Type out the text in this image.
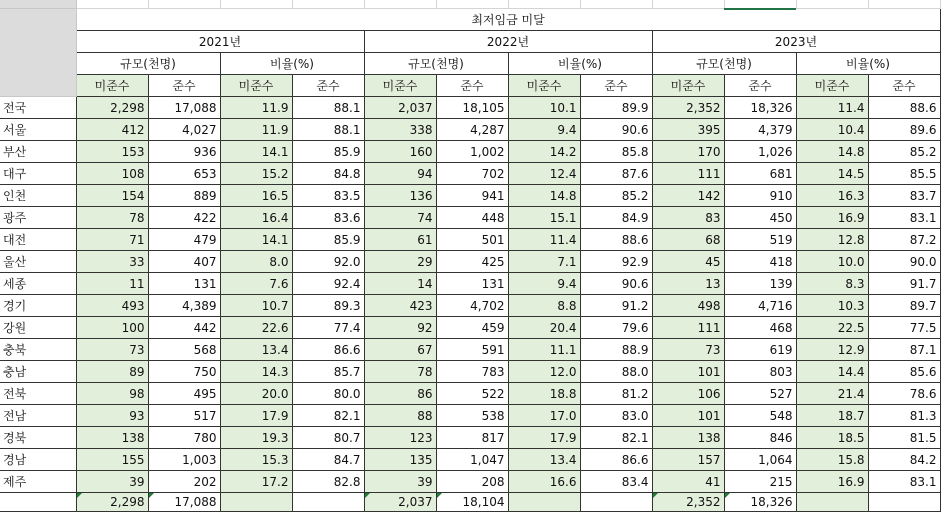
	최저임금 미달											
	2021년				2022년				2023년			
	규모(천명)		비율(%)		규모(천명)		비율(%)		규모(천명)		비율(%)	
	미준수	준수	미준수	준수	미준수	준수	미준수	준수	미준수	준수	미준수	준수
전국	2,298	17,088	11.9	88.1	2,037	18,105	10.1	89.9	2,352	18,326	11.4	88.6
서울	412	4,027	11.9	88.1	338	4,287	9.4	90.6	395	4,379	10.4	89.6
부산	153	936	14.1	85.9	160	1,002	14.2	85.8	170	1,026	14.8	85.2
대구	108	653	15.2	84.8	94	702	12.4	87.6	111	681	14.5	85.5
인천	154	889	16.5	83.5	136	941	14.8	85.2	142	910	16.3	83.7
광주	78	422	16.4	83.6	74	448	15.1	84.9	83	450	16.9	83.1
대전	71	479	14.1	85.9	61	501	11.4	88.6	68	519	12.8	87.2
울산	33	407	8.0	92.0	29	425	7.1	92.9	45	418	10.0	90.0
세종	11	131	7.6	92.4	14	131	9.4	90.6	13	139	8.3	91.7
경기	493	4,389	10.7	89.3	423	4,702	8.8	91.2	498	4,716	10.3	89.7
강원	100	442	22.6	77.4	92	459	20.4	79.6	111	468	22.5	77.5
충북	73	568	13.4	86.6	67	591	11.1	88.9	73	619	12.9	87.1
충남	89	750	14.3	85.7	78	783	12.0	88.0	101	803	14.4	85.6
전북	98	495	20.0	80.0	86	522	18.8	81.2	106	527	21.4	78.6
전남	93	517	17.9	82.1	88	538	17.0	83.0	101	548	18.7	81.3
경북	138	780	19.3	80.7	123	817	17.9	82.1	138	846	18.5	81.5
경남	155	1,003	15.3	84.7	135	1,047	13.4	86.6	157	1,064	15.8	84.2
제주	39	202	17.2	82.8	39	208	16.6	83.4	41	215	16.9	83.1
	2,298	17,088			2,037	18,104			2,352	18,326		
